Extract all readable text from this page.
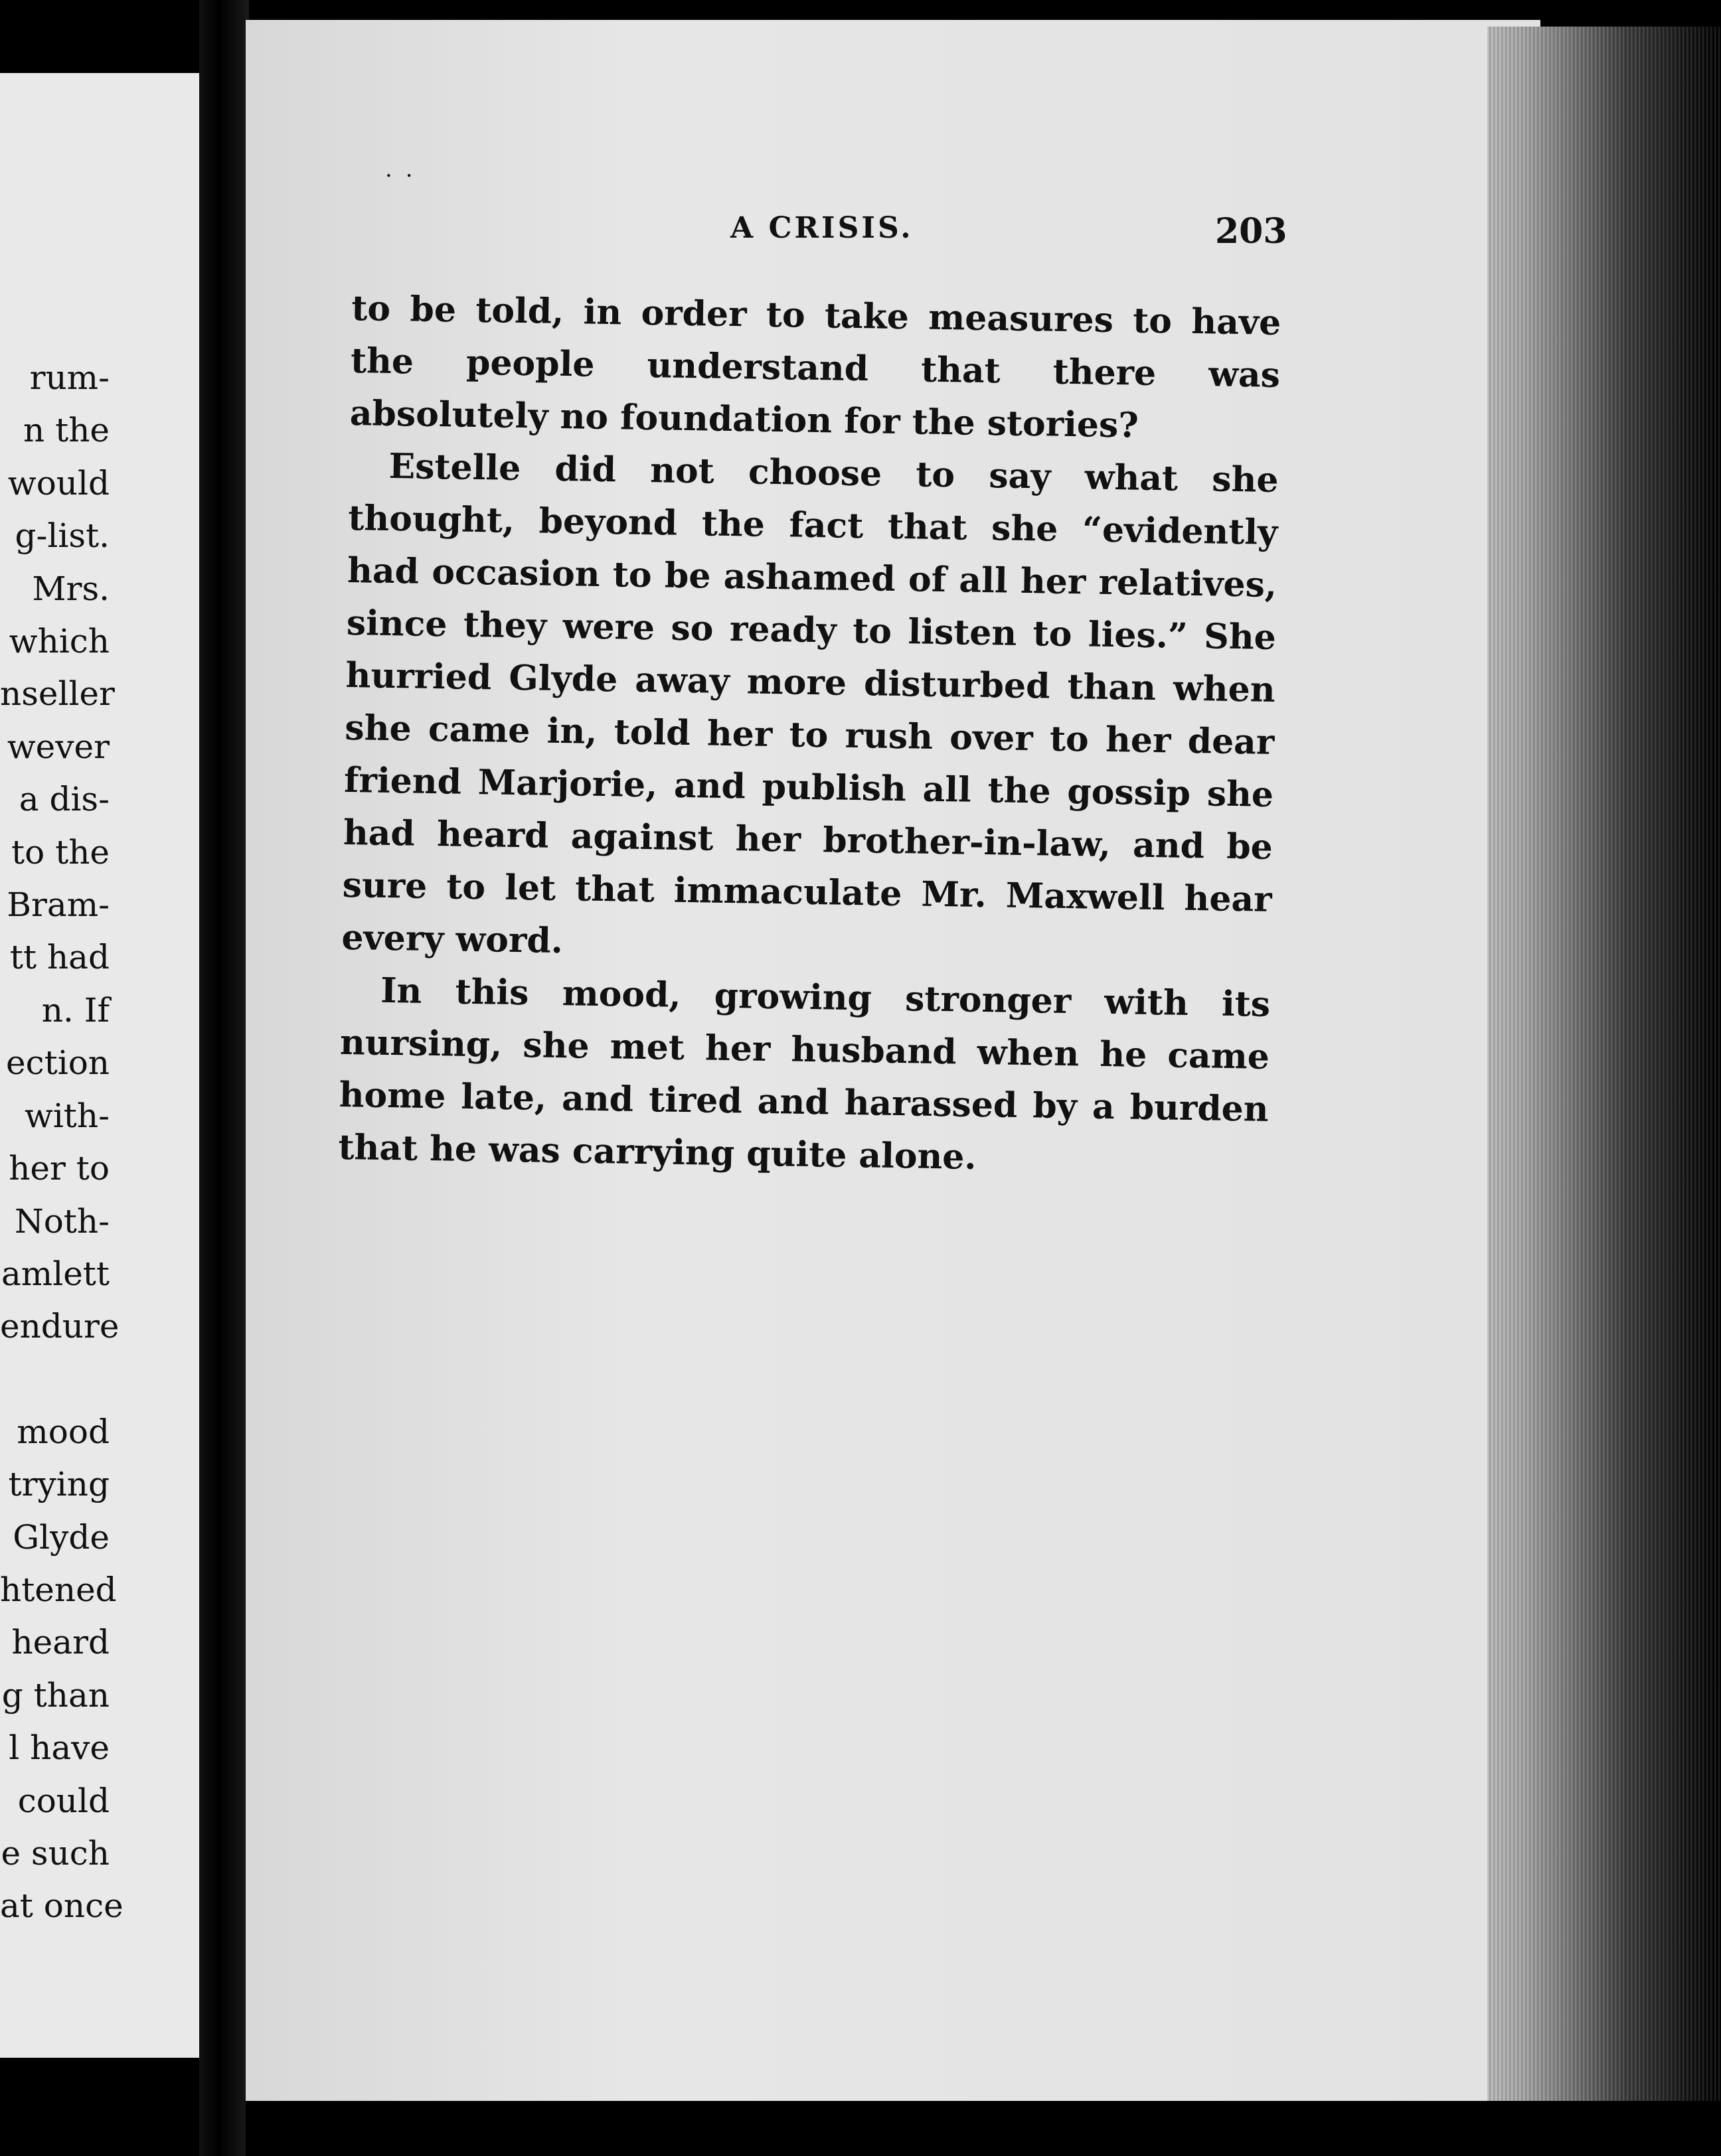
rum-
n the
would
g-list.
Mrs.
which
nseller
wever
a dis-
to the
Bram-
tt had
n. If
ection
with-
her to
Noth-
amlett
endure
mood
trying
Glyde
htened
heard
g than
l have
could
e such
at once
··
A CRISIS.	203

to be told, in order to take measures to have the people understand that there was absolutely no foundation for the stories?

Estelle did not choose to say what she thought, beyond the fact that she “evidently had occasion to be ashamed of all her relatives, since they were so ready to listen to lies.” She hurried Glyde away more disturbed than when she came in, told her to rush over to her dear friend Marjorie, and publish all the gossip she had heard against her brother-in-law, and be sure to let that immaculate Mr. Maxwell hear every word.

In this mood, growing stronger with its nursing, she met her husband when he came home late, and tired and harassed by a burden that he was carrying quite alone.
